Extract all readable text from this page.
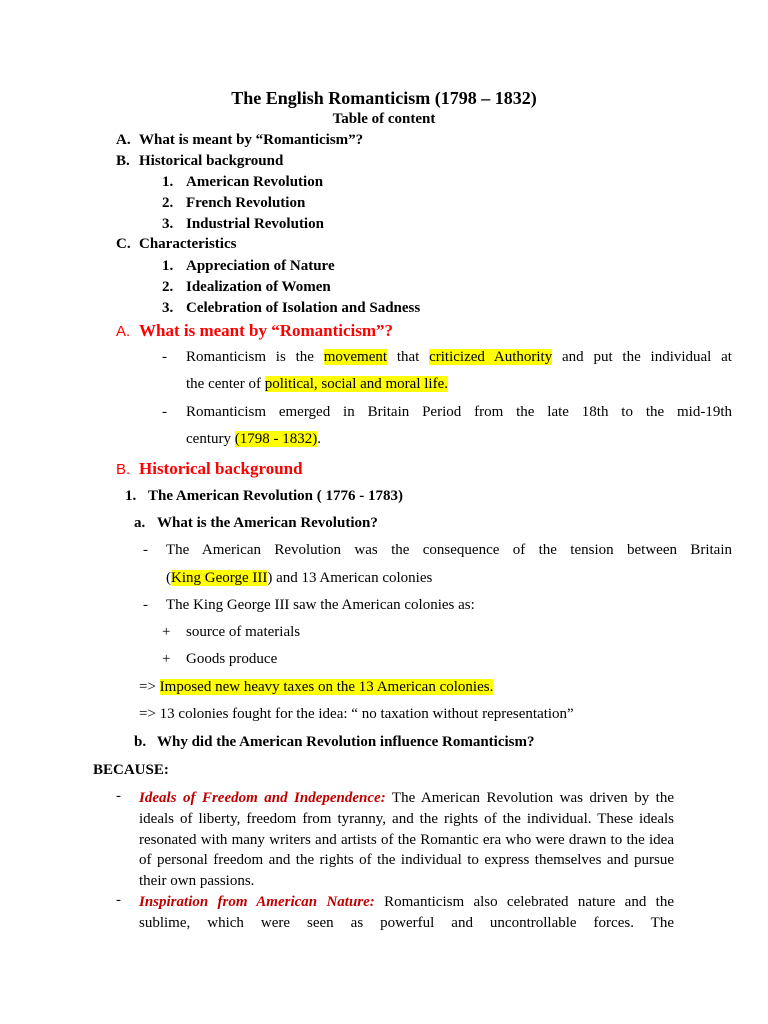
The English Romanticism (1798 – 1832)
Table of content
A. What is meant by “Romanticism”?
B. Historical background
1. American Revolution
2. French Revolution
3. Industrial Revolution
C. Characteristics
1. Appreciation of Nature
2. Idealization of Women
3. Celebration of Isolation and Sadness
A. What is meant by “Romanticism”?
- Romanticism is the movement that criticized Authority and put the individual at
the center of political, social and moral life.
- Romanticism emerged in Britain Period from the late 18th to the mid-19th
century (1798 - 1832).
B. Historical background
1. The American Revolution ( 1776 - 1783)
a. What is the American Revolution?
- The American Revolution was the consequence of the tension between Britain
(King George III) and 13 American colonies
- The King George III saw the American colonies as:
+ source of materials
+ Goods produce
=> Imposed new heavy taxes on the 13 American colonies.
=> 13 colonies fought for the idea: “ no taxation without representation”
b. Why did the American Revolution influence Romanticism?
BECAUSE:
- Ideals of Freedom and Independence: The American Revolution was driven by the ideals of liberty, freedom from tyranny, and the rights of the individual. These ideals resonated with many writers and artists of the Romantic era who were drawn to the idea of personal freedom and the rights of the individual to express themselves and pursue their own passions.
- Inspiration from American Nature: Romanticism also celebrated nature and the sublime, which were seen as powerful and uncontrollable forces. The
